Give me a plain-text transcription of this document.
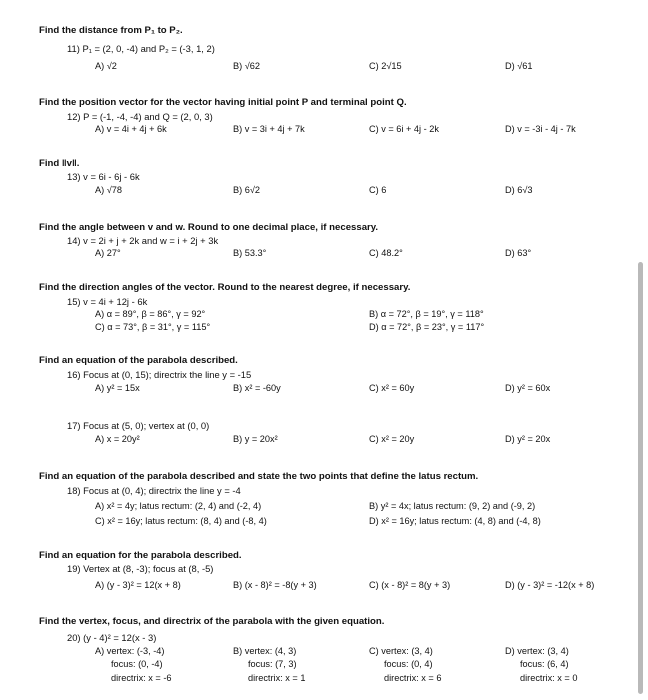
Find the distance from P₁ to P₂.
11) P₁ = (2, 0, -4) and P₂ = (-3, 1, 2)
A) √2	B) √62	C) 2√15	D) √61
Find the position vector for the vector having initial point P and terminal point Q.
12) P = (-1, -4, -4) and Q = (2, 0, 3)
A) v = 4i + 4j + 6k	B) v = 3i + 4j + 7k	C) v = 6i + 4j - 2k	D) v = -3i - 4j - 7k
Find ‖v‖.
13) v = 6i - 6j - 6k
A) √78	B) 6√2	C) 6	D) 6√3
Find the angle between v and w. Round to one decimal place, if necessary.
14) v = 2i + j + 2k and w = i + 2j + 3k
A) 27°	B) 53.3°	C) 48.2°	D) 63°
Find the direction angles of the vector. Round to the nearest degree, if necessary.
15) v = 4i + 12j - 6k
A) α = 89°, β = 86°, γ = 92°	B) α = 72°, β = 19°, γ = 118°
C) α = 73°, β = 31°, γ = 115°	D) α = 72°, β = 23°, γ = 117°
Find an equation of the parabola described.
16) Focus at (0, 15); directrix the line y = -15
A) y² = 15x	B) x² = -60y	C) x² = 60y	D) y² = 60x
17) Focus at (5, 0); vertex at (0, 0)
A) x = 20y²	B) y = 20x²	C) x² = 20y	D) y² = 20x
Find an equation of the parabola described and state the two points that define the latus rectum.
18) Focus at (0, 4); directrix the line y = -4
A) x² = 4y; latus rectum: (2, 4) and (-2, 4)	B) y² = 4x; latus rectum: (9, 2) and (-9, 2)
C) x² = 16y; latus rectum: (8, 4) and (-8, 4)	D) x² = 16y; latus rectum: (4, 8) and (-4, 8)
Find an equation for the parabola described.
19) Vertex at (8, -3); focus at (8, -5)
A) (y - 3)² = 12(x + 8)	B) (x - 8)² = -8(y + 3)	C) (x - 8)² = 8(y + 3)	D) (y - 3)² = -12(x + 8)
Find the vertex, focus, and directrix of the parabola with the given equation.
20) (y - 4)² = 12(x - 3)
A) vertex: (-3, -4)
focus: (0, -4)
directrix: x = -6
B) vertex: (4, 3)
focus: (7, 3)
directrix: x = 1
C) vertex: (3, 4)
focus: (0, 4)
directrix: x = 6
D) vertex: (3, 4)
focus: (6, 4)
directrix: x = 0
